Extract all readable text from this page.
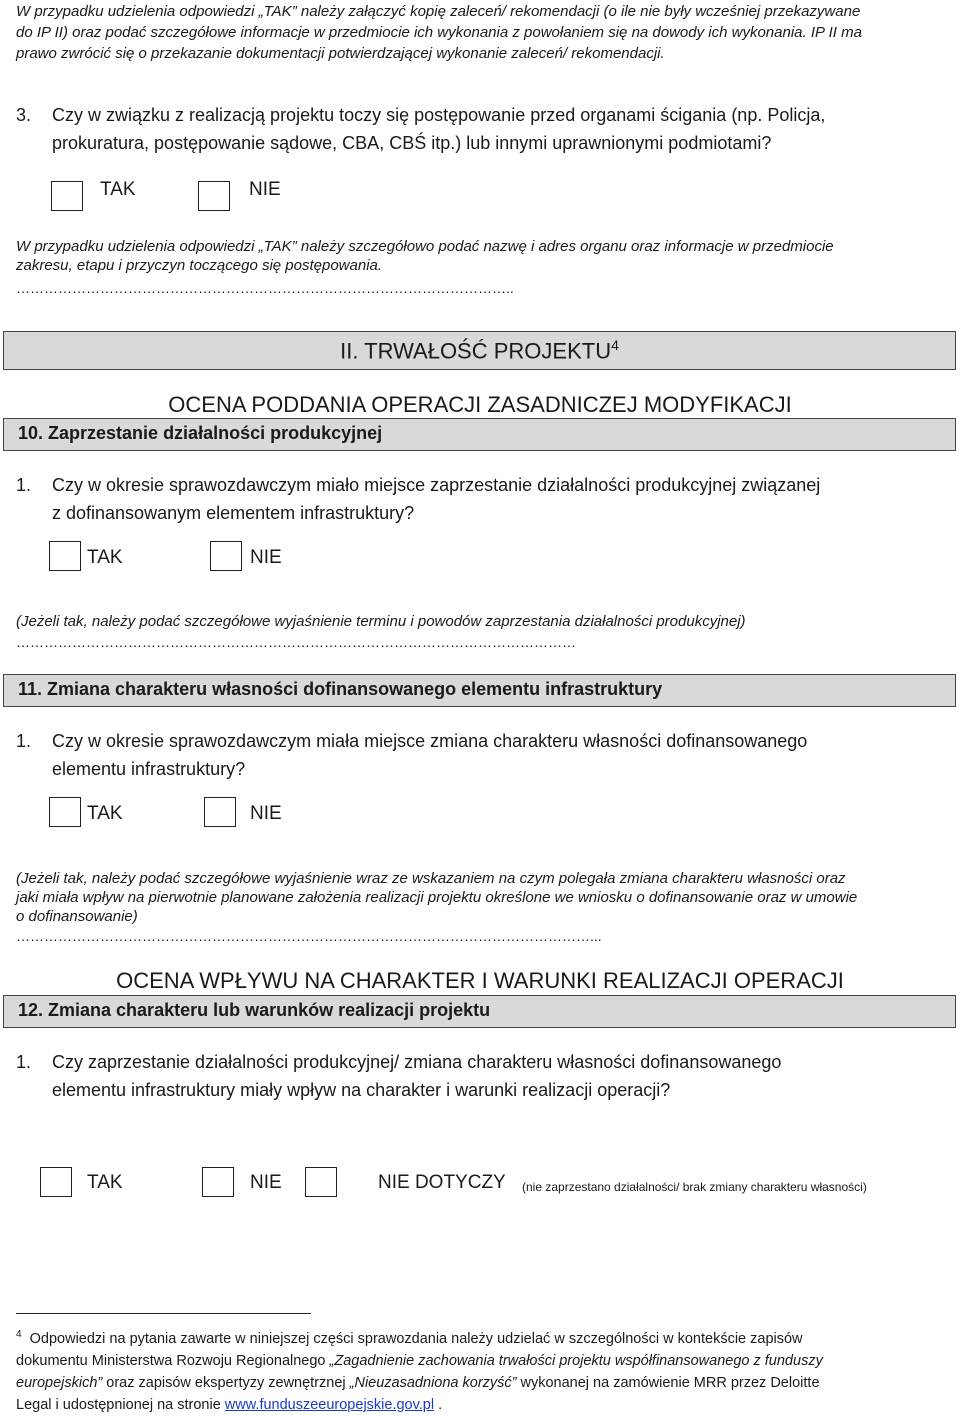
W przypadku udzielenia odpowiedzi „TAK” należy załączyć kopię zaleceń/ rekomendacji (o ile nie były wcześniej przekazywane
do IP II) oraz podać szczegółowe informacje w przedmiocie ich wykonania z powołaniem się na dowody ich wykonania. IP II ma
prawo zwrócić się o przekazanie dokumentacji potwierdzającej wykonanie zaleceń/ rekomendacji.
3. Czy w związku z realizacją projektu toczy się postępowanie przed organami ścigania (np. Policja,
prokuratura, postępowanie sądowe, CBA, CBŚ itp.) lub innymi uprawnionymi podmiotami?
TAK	NIE
W przypadku udzielenia odpowiedzi „TAK” należy szczegółowo podać nazwę i adres organu oraz informacje w przedmiocie
zakresu, etapu i przyczyn toczącego się postępowania.
……………………………………………………………………………………………..
II. TRWAŁOŚĆ PROJEKTU$^4$
OCENA PODDANIA OPERACJI ZASADNICZEJ MODYFIKACJI
10. Zaprzestanie działalności produkcyjnej
1. Czy w okresie sprawozdawczym miało miejsce zaprzestanie działalności produkcyjnej związanej
z dofinansowanym elementem infrastruktury?
TAK	NIE
(Jeżeli tak, należy podać szczegółowe wyjaśnienie terminu i powodów zaprzestania działalności produkcyjnej)
…………………………………………………………………………………………………………
11. Zmiana charakteru własności dofinansowanego elementu infrastruktury
1. Czy w okresie sprawozdawczym miała miejsce zmiana charakteru własności dofinansowanego
elementu infrastruktury?
TAK	NIE
(Jeżeli tak, należy podać szczegółowe wyjaśnienie wraz ze wskazaniem na czym polegała zmiana charakteru własności oraz
jaki miała wpływ na pierwotnie planowane założenia realizacji projektu określone we wniosku o dofinansowanie oraz w umowie
o dofinansowanie)
……………………………………………………………………………………………………………...
OCENA WPŁYWU NA CHARAKTER I WARUNKI REALIZACJI OPERACJI
12. Zmiana charakteru lub warunków realizacji projektu
1. Czy zaprzestanie działalności produkcyjnej/ zmiana charakteru własności dofinansowanego
elementu infrastruktury miały wpływ na charakter i warunki realizacji operacji?
TAK	NIE	NIE DOTYCZY (nie zaprzestano działalności/ brak zmiany charakteru własności)
$^4$ Odpowiedzi na pytania zawarte w niniejszej części sprawozdania należy udzielać w szczególności w kontekście zapisów
dokumentu Ministerstwa Rozwoju Regionalnego „Zagadnienie zachowania trwałości projektu współfinansowanego z funduszy
europejskich” oraz zapisów ekspertyzy zewnętrznej „Nieuzasadniona korzyść” wykonanej na zamówienie MRR przez Deloitte
Legal i udostępnionej na stronie www.funduszeeuropejskie.gov.pl .
